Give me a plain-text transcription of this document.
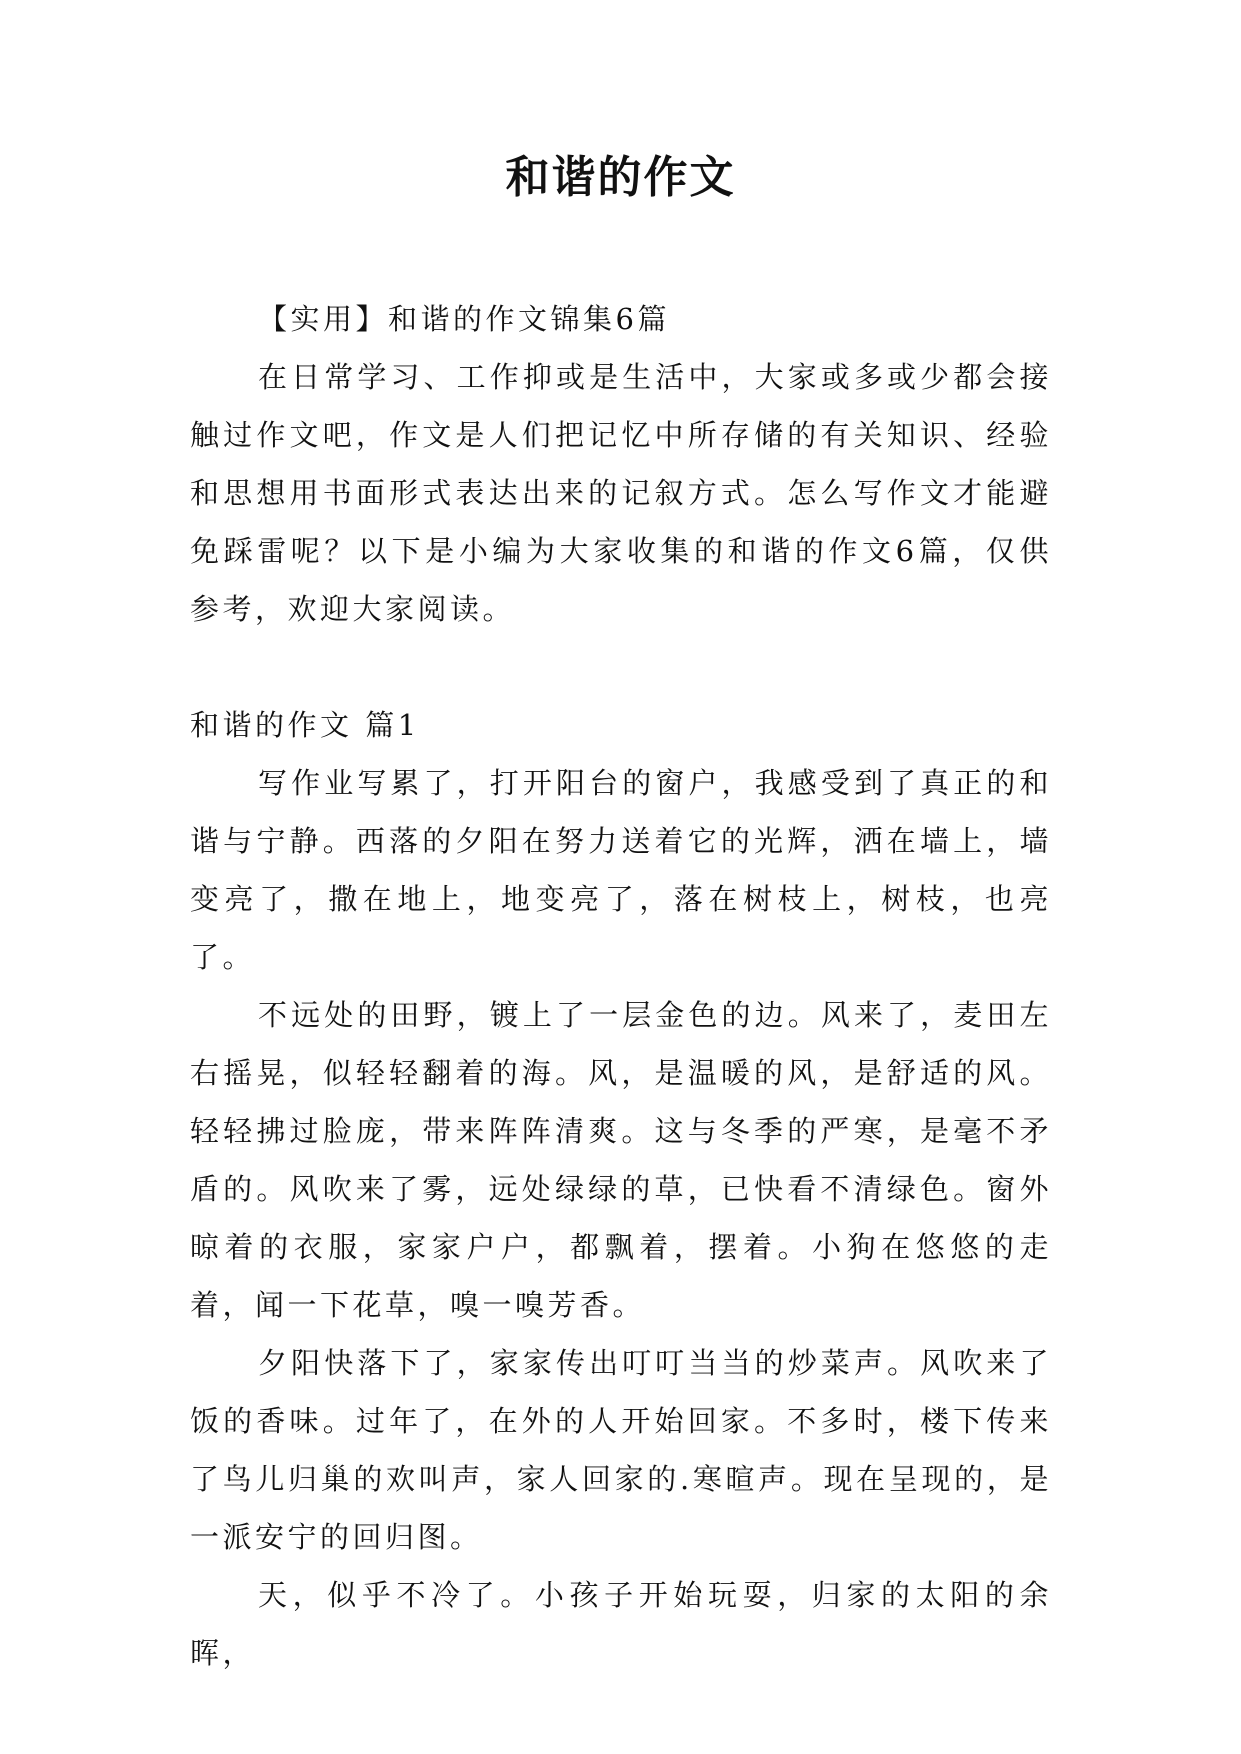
和谐的作文

【实用】和谐的作文锦集6篇

在日常学习、工作抑或是生活中，大家或多或少都会接触过作文吧，作文是人们把记忆中所存储的有关知识、经验和思想用书面形式表达出来的记叙方式。怎么写作文才能避免踩雷呢？以下是小编为大家收集的和谐的作文6篇，仅供参考，欢迎大家阅读。

和谐的作文 篇1

写作业写累了，打开阳台的窗户，我感受到了真正的和谐与宁静。西落的夕阳在努力送着它的光辉，洒在墙上，墙变亮了，撒在地上，地变亮了，落在树枝上，树枝，也亮了。

不远处的田野，镀上了一层金色的边。风来了，麦田左右摇晃，似轻轻翻着的海。风，是温暖的风，是舒适的风。轻轻拂过脸庞，带来阵阵清爽。这与冬季的严寒，是毫不矛盾的。风吹来了雾，远处绿绿的草，已快看不清绿色。窗外晾着的衣服，家家户户，都飘着，摆着。小狗在悠悠的走着，闻一下花草，嗅一嗅芳香。

夕阳快落下了，家家传出叮叮当当的炒菜声。风吹来了饭的香味。过年了，在外的人开始回家。不多时，楼下传来了鸟儿归巢的欢叫声，家人回家的.寒暄声。现在呈现的，是一派安宁的回归图。

天，似乎不冷了。小孩子开始玩耍，归家的太阳的余晖，
